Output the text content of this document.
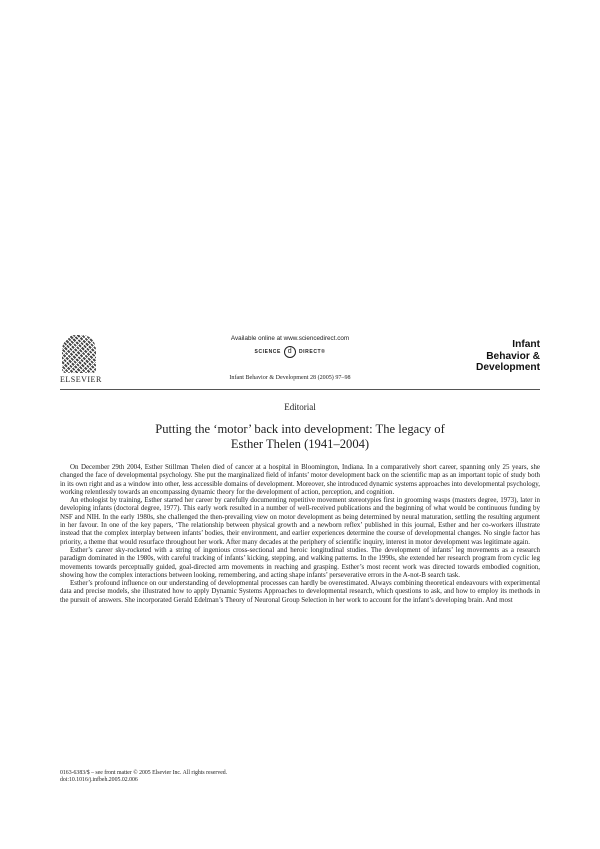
ELSEVIER
Available online at www.sciencedirect.com
SCIENCE d	DIRECT®
Infant Behavior & Development 28 (2005) 97–98
Infant
Behavior &
Development
Editorial
Putting the ‘motor’ back into development: The legacy of
Esther Thelen (1941–2004)

On December 29th 2004, Esther Stillman Thelen died of cancer at a hospital in Bloomington, Indiana. In a comparatively short career, spanning only 25 years, she changed the face of developmental psychology. She put the marginalized field of infants’ motor development back on the scientific map as an important topic of study both in its own right and as a window into other, less accessible domains of development. Moreover, she introduced dynamic systems approaches into developmental psychology, working relentlessly towards an encompassing dynamic theory for the development of action, perception, and cognition.

An ethologist by training, Esther started her career by carefully documenting repetitive movement stereotypies first in grooming wasps (masters degree, 1973), later in developing infants (doctoral degree, 1977). This early work resulted in a number of well-received publications and the beginning of what would be continuous funding by NSF and NIH. In the early 1980s, she challenged the then-prevailing view on motor development as being determined by neural maturation, settling the resulting argument in her favour. In one of the key papers, ‘The relationship between physical growth and a newborn reflex’ published in this journal, Esther and her co-workers illustrate instead that the complex interplay between infants’ bodies, their environment, and earlier experiences determine the course of developmental changes. No single factor has priority, a theme that would resurface throughout her work. After many decades at the periphery of scientific inquiry, interest in motor development was legitimate again.

Esther’s career sky-rocketed with a string of ingenious cross-sectional and heroic longitudinal studies. The development of infants’ leg movements as a research paradigm dominated in the 1980s, with careful tracking of infants’ kicking, stepping, and walking patterns. In the 1990s, she extended her research program from cyclic leg movements towards perceptually guided, goal-directed arm movements in reaching and grasping. Esther’s most recent work was directed towards embodied cognition, showing how the complex interactions between looking, remembering, and acting shape infants’ perseverative errors in the A-not-B search task.

Esther’s profound influence on our understanding of developmental processes can hardly be overestimated. Always combining theoretical endeavours with experimental data and precise models, she illustrated how to apply Dynamic Systems Approaches to developmental research, which questions to ask, and how to employ its methods in the pursuit of answers. She incorporated Gerald Edelman’s Theory of Neuronal Group Selection in her work to account for the infant’s developing brain. And most

0163-6383/$ – see front matter © 2005 Elsevier Inc. All rights reserved.
doi:10.1016/j.infbeh.2005.02.006
